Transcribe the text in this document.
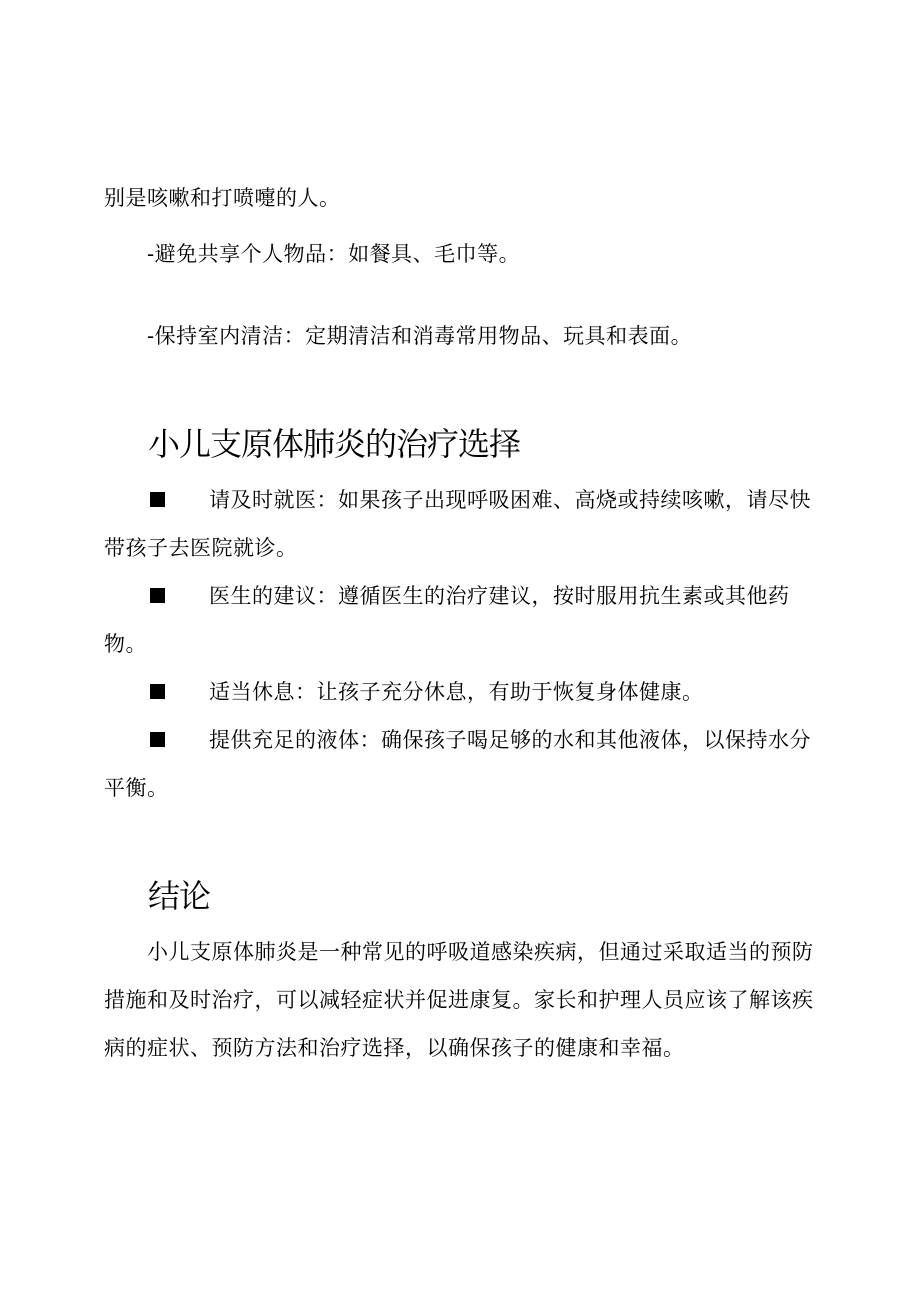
别是咳嗽和打喷嚏的人。

-避免共享个人物品：如餐具、毛巾等。

-保持室内清洁：定期清洁和消毒常用物品、玩具和表面。

小儿支原体肺炎的治疗选择
请及时就医：如果孩子出现呼吸困难、高烧或持续咳嗽，请尽快带孩子去医院就诊。
医生的建议：遵循医生的治疗建议，按时服用抗生素或其他药物。
适当休息：让孩子充分休息，有助于恢复身体健康。
提供充足的液体：确保孩子喝足够的水和其他液体，以保持水分平衡。
结论

小儿支原体肺炎是一种常见的呼吸道感染疾病，但通过采取适当的预防措施和及时治疗，可以减轻症状并促进康复。家长和护理人员应该了解该疾病的症状、预防方法和治疗选择，以确保孩子的健康和幸福。
